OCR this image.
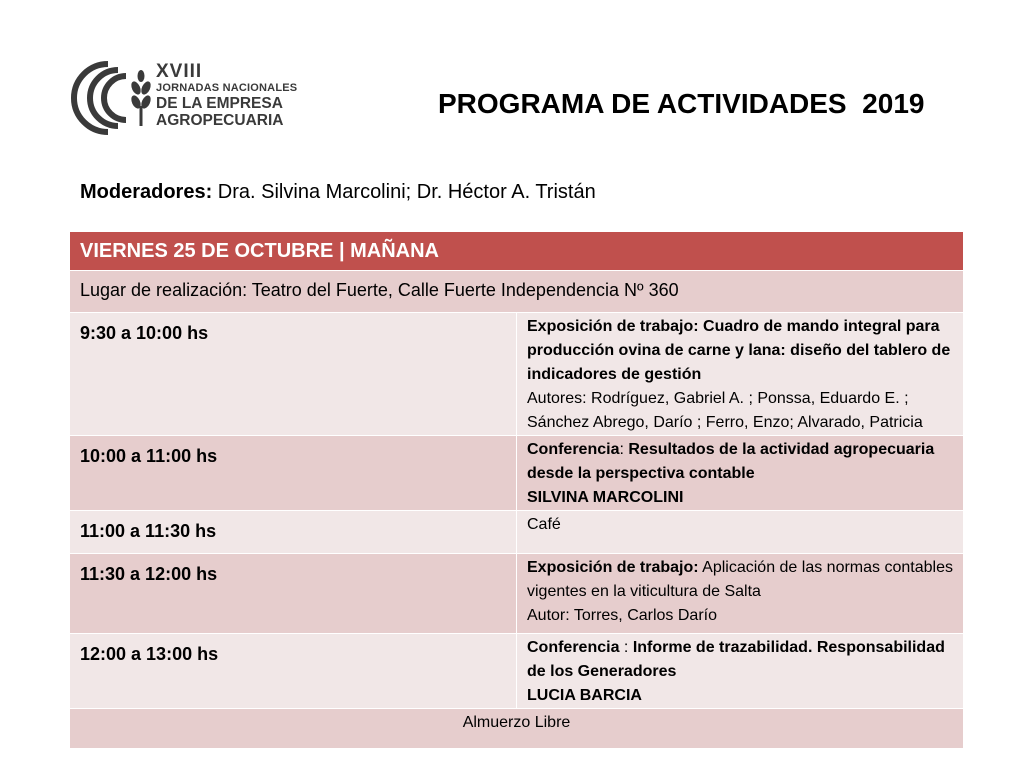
XVIII
JORNADAS NACIONALES
DE LA EMPRESA
AGROPECUARIA
PROGRAMA DE ACTIVIDADES  2019
Moderadores: Dra. Silvina Marcolini; Dr. Héctor A. Tristán
VIERNES 25 DE OCTUBRE | MAÑANA	
Lugar de realización: Teatro del Fuerte, Calle Fuerte Independencia Nº 360	
9:30 a 10:00 hs	Exposición de trabajo: Cuadro de mando integral para producción ovina de carne y lana: diseño del tablero de indicadores de gestión
Autores: Rodríguez, Gabriel A. ; Ponssa, Eduardo E. ; Sánchez Abrego, Darío ; Ferro, Enzo; Alvarado, Patricia
10:00 a 11:00 hs	Conferencia: Resultados de la actividad agropecuaria desde la perspectiva contable
SILVINA MARCOLINI
11:00 a 11:30 hs	Café
11:30 a 12:00 hs	Exposición de trabajo: Aplicación de las normas contables vigentes en la viticultura de Salta
Autor: Torres, Carlos Darío
12:00 a 13:00 hs	Conferencia : Informe de trazabilidad. Responsabilidad de los Generadores
LUCIA BARCIA
Almuerzo Libre	
